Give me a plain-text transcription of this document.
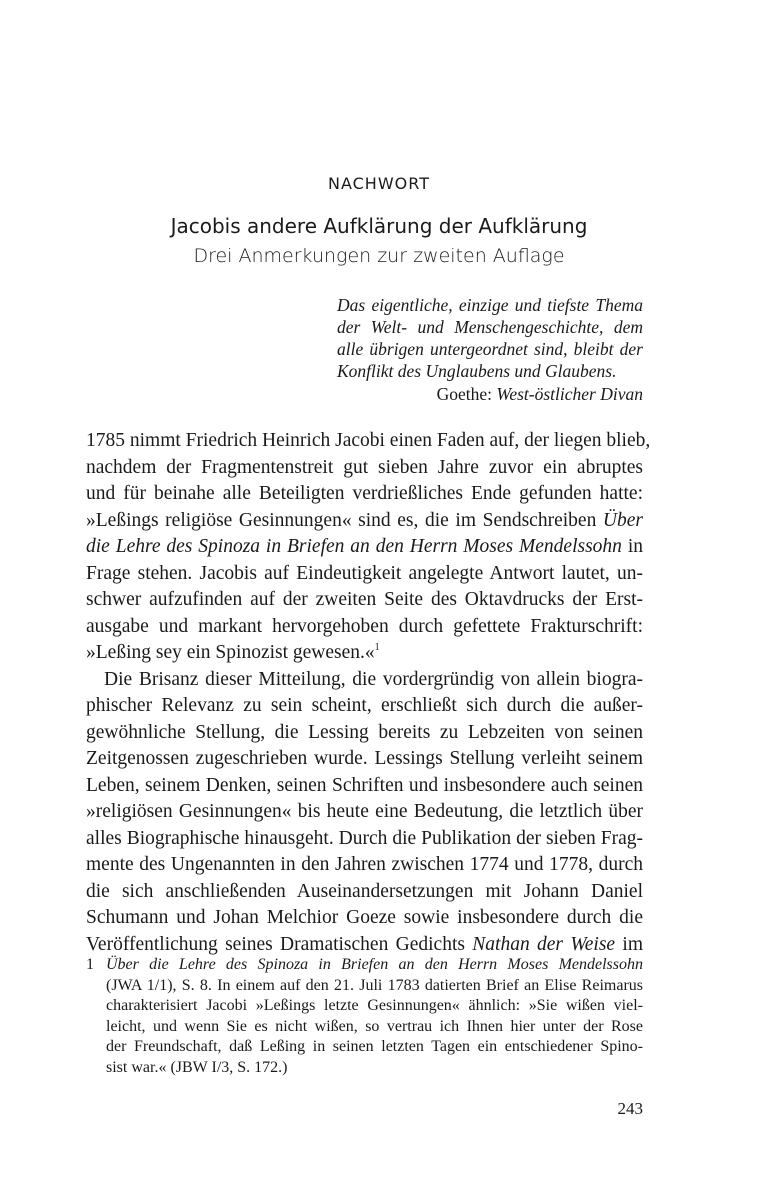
NACHWORT
Jacobis andere Aufklärung der Aufklärung
Drei Anmerkungen zur zweiten Auflage
Das eigentliche, einzige und tiefste Thema
der Welt- und Menschengeschichte, dem
alle übrigen untergeordnet sind, bleibt der
Konflikt des Unglaubens und Glaubens.
Goethe: West-östlicher Divan
1785 nimmt Friedrich Heinrich Jacobi einen Faden auf, der liegen blieb,
nachdem der Fragmentenstreit gut sieben Jahre zuvor ein abruptes
und für beinahe alle Beteiligten verdrießliches Ende gefunden hatte:
»Leßings religiöse Gesinnungen« sind es, die im Sendschreiben Über
die Lehre des Spinoza in Briefen an den Herrn Moses Mendelssohn in
Frage stehen. Jacobis auf Eindeutigkeit angelegte Antwort lautet, un-
schwer aufzufinden auf der zweiten Seite des Oktavdrucks der Erst-
ausgabe und markant hervorgehoben durch gefettete Frakturschrift:
»Leßing sey ein Spinozist gewesen.«$^1$
Die Brisanz dieser Mitteilung, die vordergründig von allein biogra-
phischer Relevanz zu sein scheint, erschließt sich durch die außer-
gewöhnliche Stellung, die Lessing bereits zu Lebzeiten von seinen
Zeitgenossen zugeschrieben wurde. Lessings Stellung verleiht seinem
Leben, seinem Denken, seinen Schriften und insbesondere auch seinen
»religiösen Gesinnungen« bis heute eine Bedeutung, die letztlich über
alles Biographische hinausgeht. Durch die Publikation der sieben Frag-
mente des Ungenannten in den Jahren zwischen 1774 und 1778, durch
die sich anschließenden Auseinandersetzungen mit Johann Daniel
Schumann und Johan Melchior Goeze sowie insbesondere durch die
Veröffentlichung seines Dramatischen Gedichts Nathan der Weise im
1 Über die Lehre des Spinoza in Briefen an den Herrn Moses Mendelssohn
(JWA 1/1), S. 8. In einem auf den 21. Juli 1783 datierten Brief an Elise Reimarus
charakterisiert Jacobi »Leßings letzte Gesinnungen« ähnlich: »Sie wißen viel-
leicht, und wenn Sie es nicht wißen, so vertrau ich Ihnen hier unter der Rose
der Freundschaft, daß Leßing in seinen letzten Tagen ein entschiedener Spino-
sist war.« (JBW I/3, S. 172.)
243
